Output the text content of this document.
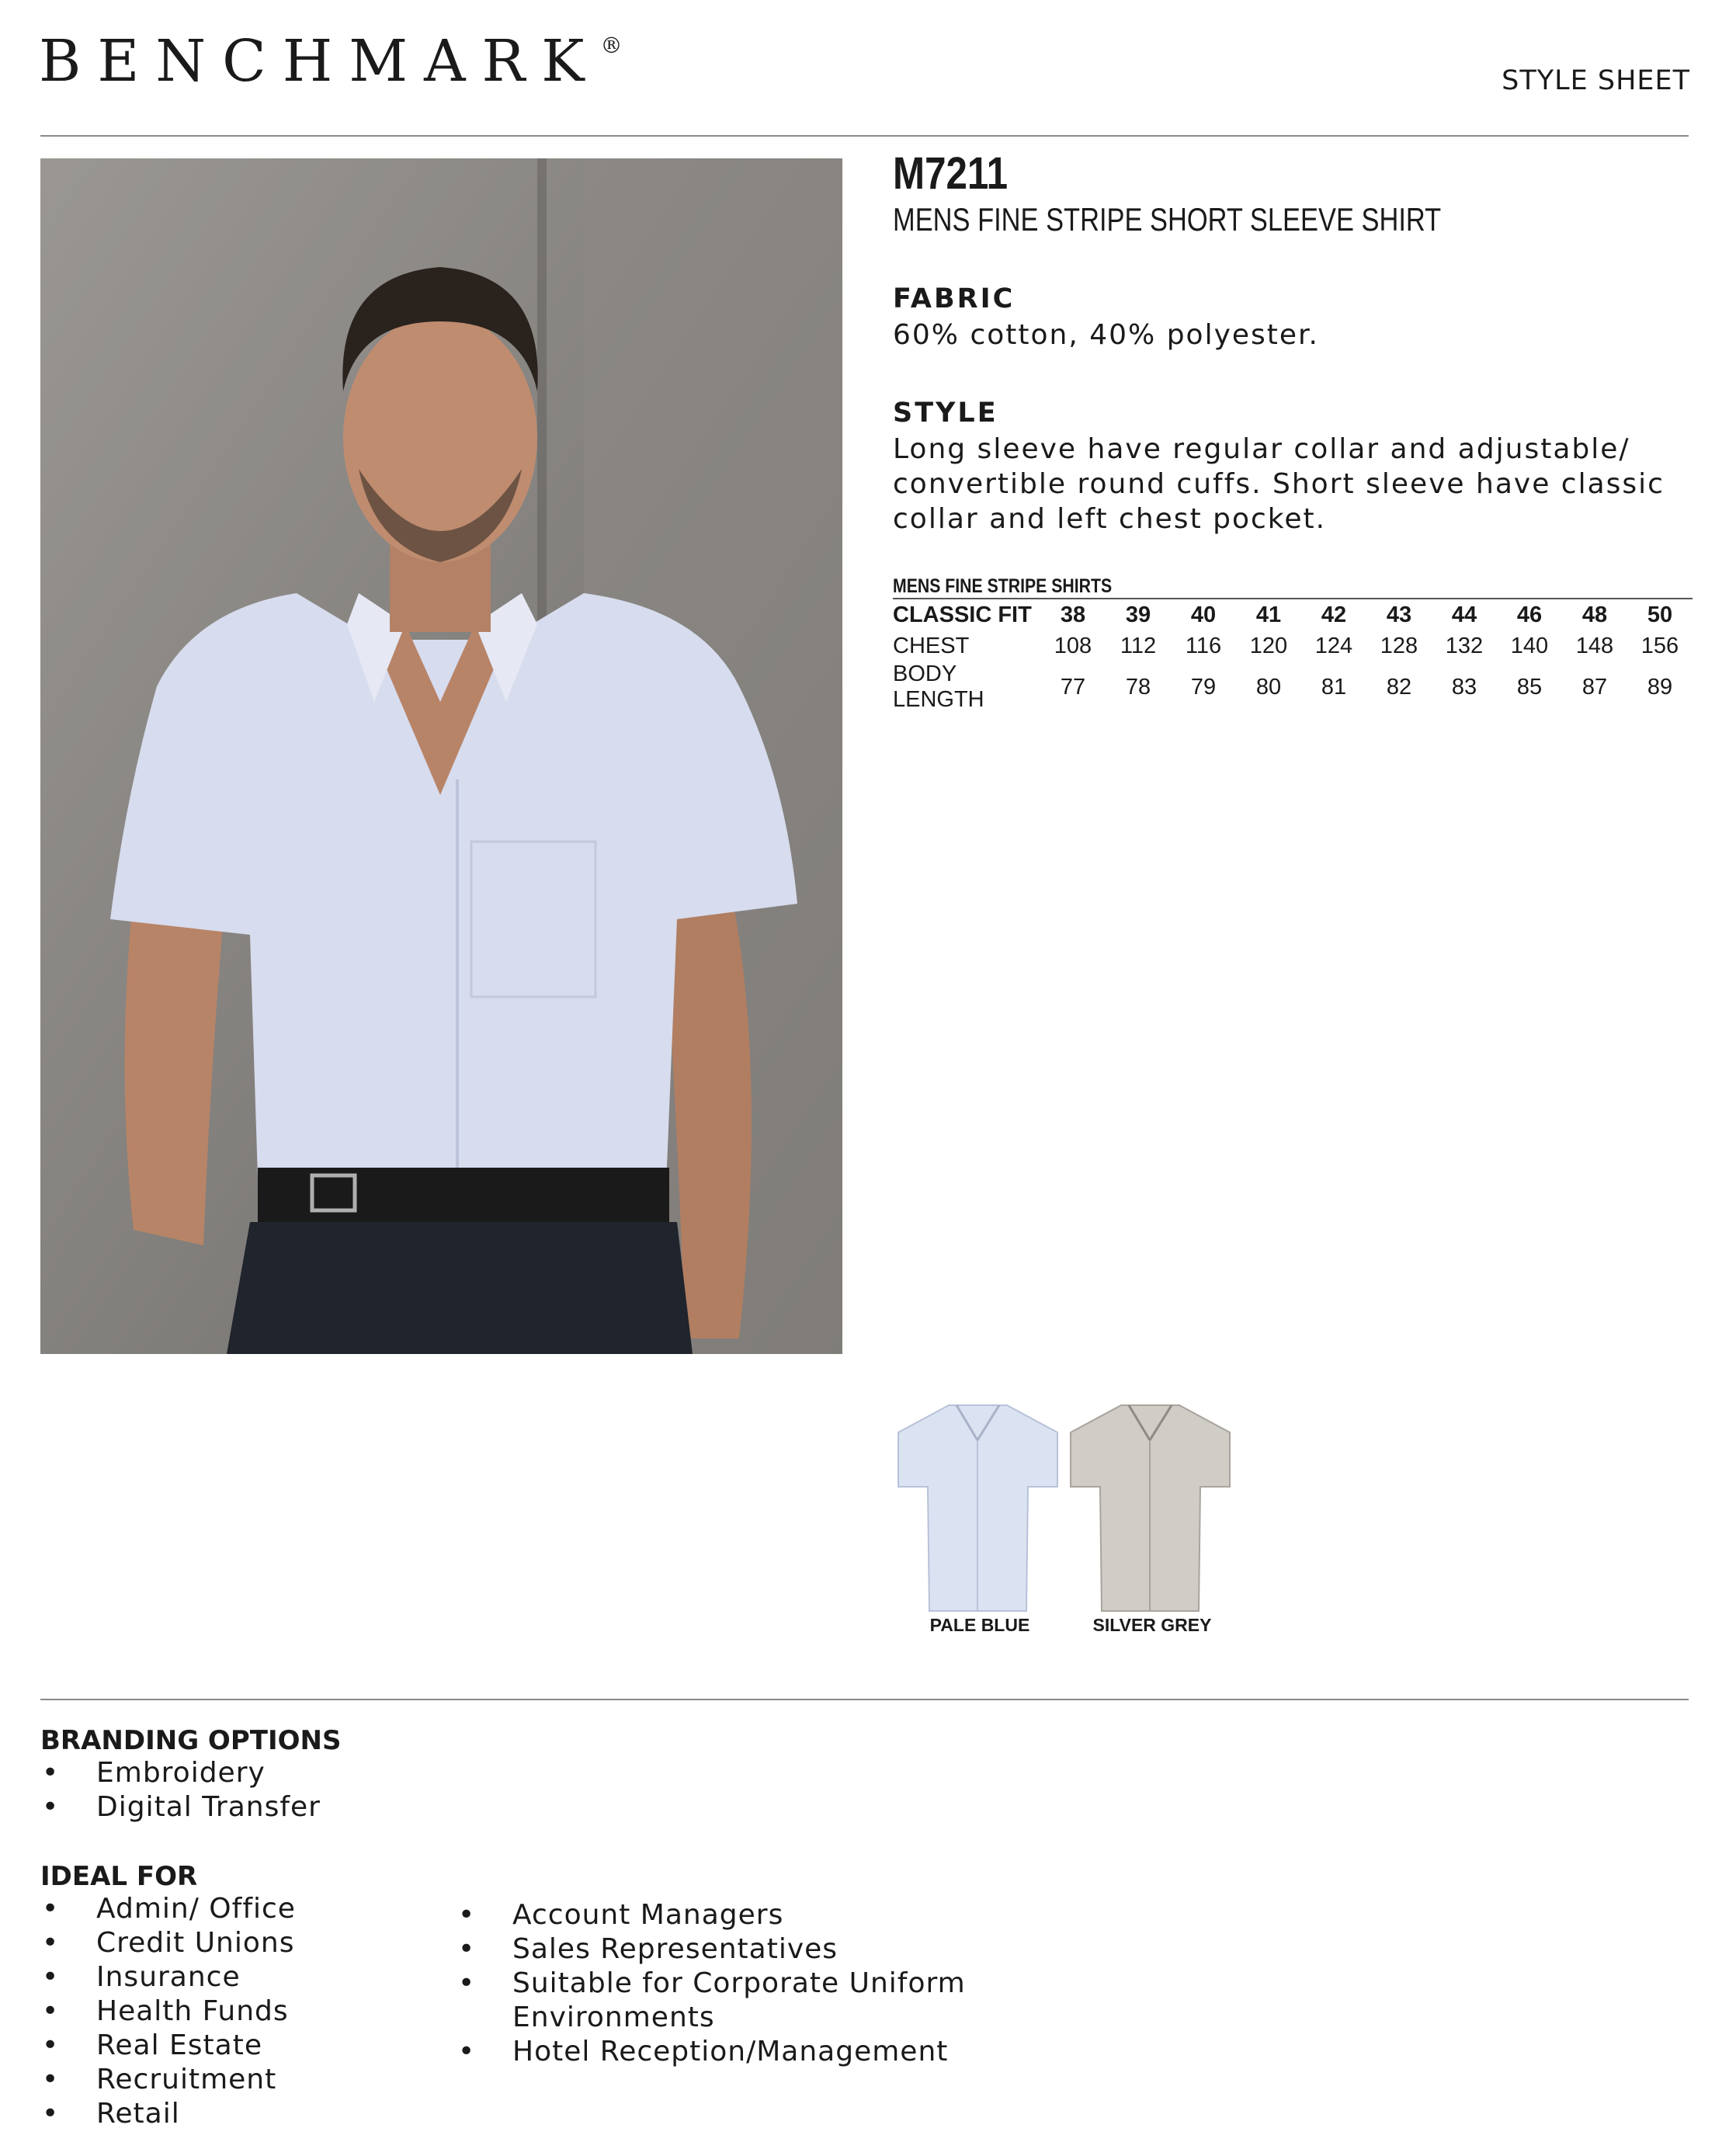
BENCHMARK®
STYLE SHEET
M7211
MENS FINE STRIPE SHORT SLEEVE SHIRT
FABRIC
60% cotton, 40% polyester.
STYLE
Long sleeve have regular collar and adjustable/
convertible round cuffs. Short sleeve have classic
collar and left chest pocket.
MENS FINE STRIPE SHIRTS
CLASSIC FIT	38	39	40	41	42	43	44	46	48	50
CHEST	108	112	116	120	124	128	132	140	148	156
BODY LENGTH	77	78	79	80	81	82	83	85	87	89
PALE BLUE	SILVER GREY
BRANDING OPTIONS
• Embroidery
• Digital Transfer
IDEAL FOR
• Admin/ Office
• Credit Unions
• Insurance
• Health Funds
• Real Estate
• Recruitment
• Retail
• Account Managers
• Sales Representatives
• Suitable for Corporate Uniform
Environments
• Hotel Reception/Management
